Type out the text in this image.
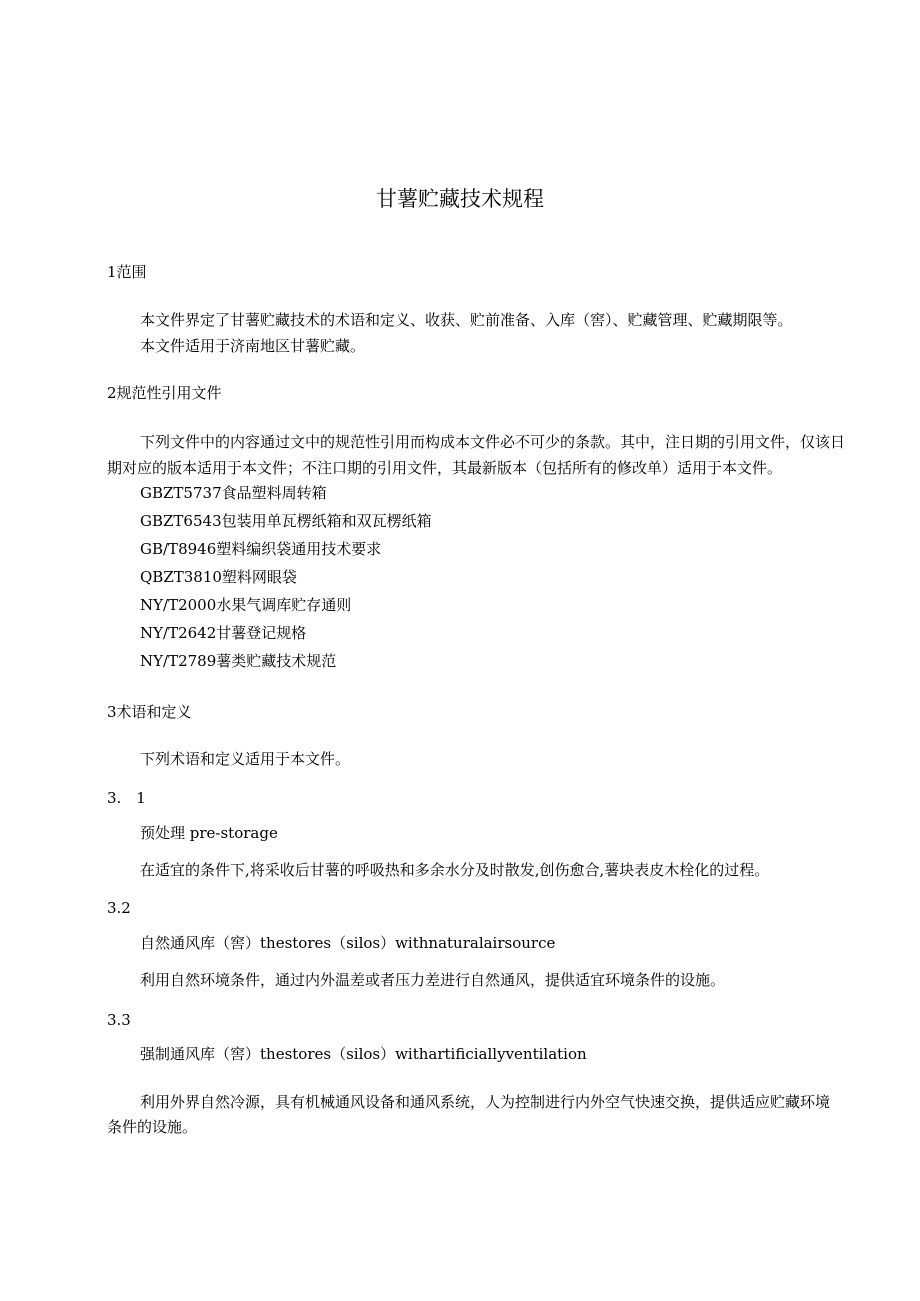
甘薯贮藏技术规程
1范围
本文件界定了甘薯贮藏技术的术语和定义、收获、贮前准备、入库（窖）、贮藏管理、贮藏期限等。
本文件适用于济南地区甘薯贮藏。
2规范性引用文件
下列文件中的内容通过文中的规范性引用而构成本文件必不可少的条款。其中，注日期的引用文件，仅该日
期对应的版本适用于本文件；不注口期的引用文件，其最新版本（包括所有的修改单）适用于本文件。
GBZT5737食品塑料周转箱
GBZT6543包装用单瓦楞纸箱和双瓦楞纸箱
GB/T8946塑料编织袋通用技术要求
QBZT3810塑料网眼袋
NY/T2000水果气调库贮存通则
NY/T2642甘薯登记规格
NY/T2789薯类贮藏技术规范
3术语和定义
下列术语和定义适用于本文件。
3.　1
预处理 pre-storage
在适宜的条件下,将采收后甘薯的呼吸热和多余水分及时散发,创伤愈合,薯块表皮木栓化的过程。
3.2
自然通风库（窖）thestores（silos）withnaturalairsource
利用自然环境条件，通过内外温差或者压力差进行自然通风，提供适宜环境条件的设施。
3.3
强制通风库（窖）thestores（silos）withartificiallyventilation
利用外界自然冷源，具有机械通风设备和通风系统，人为控制进行内外空气快速交换，提供适应贮藏环境
条件的设施。
